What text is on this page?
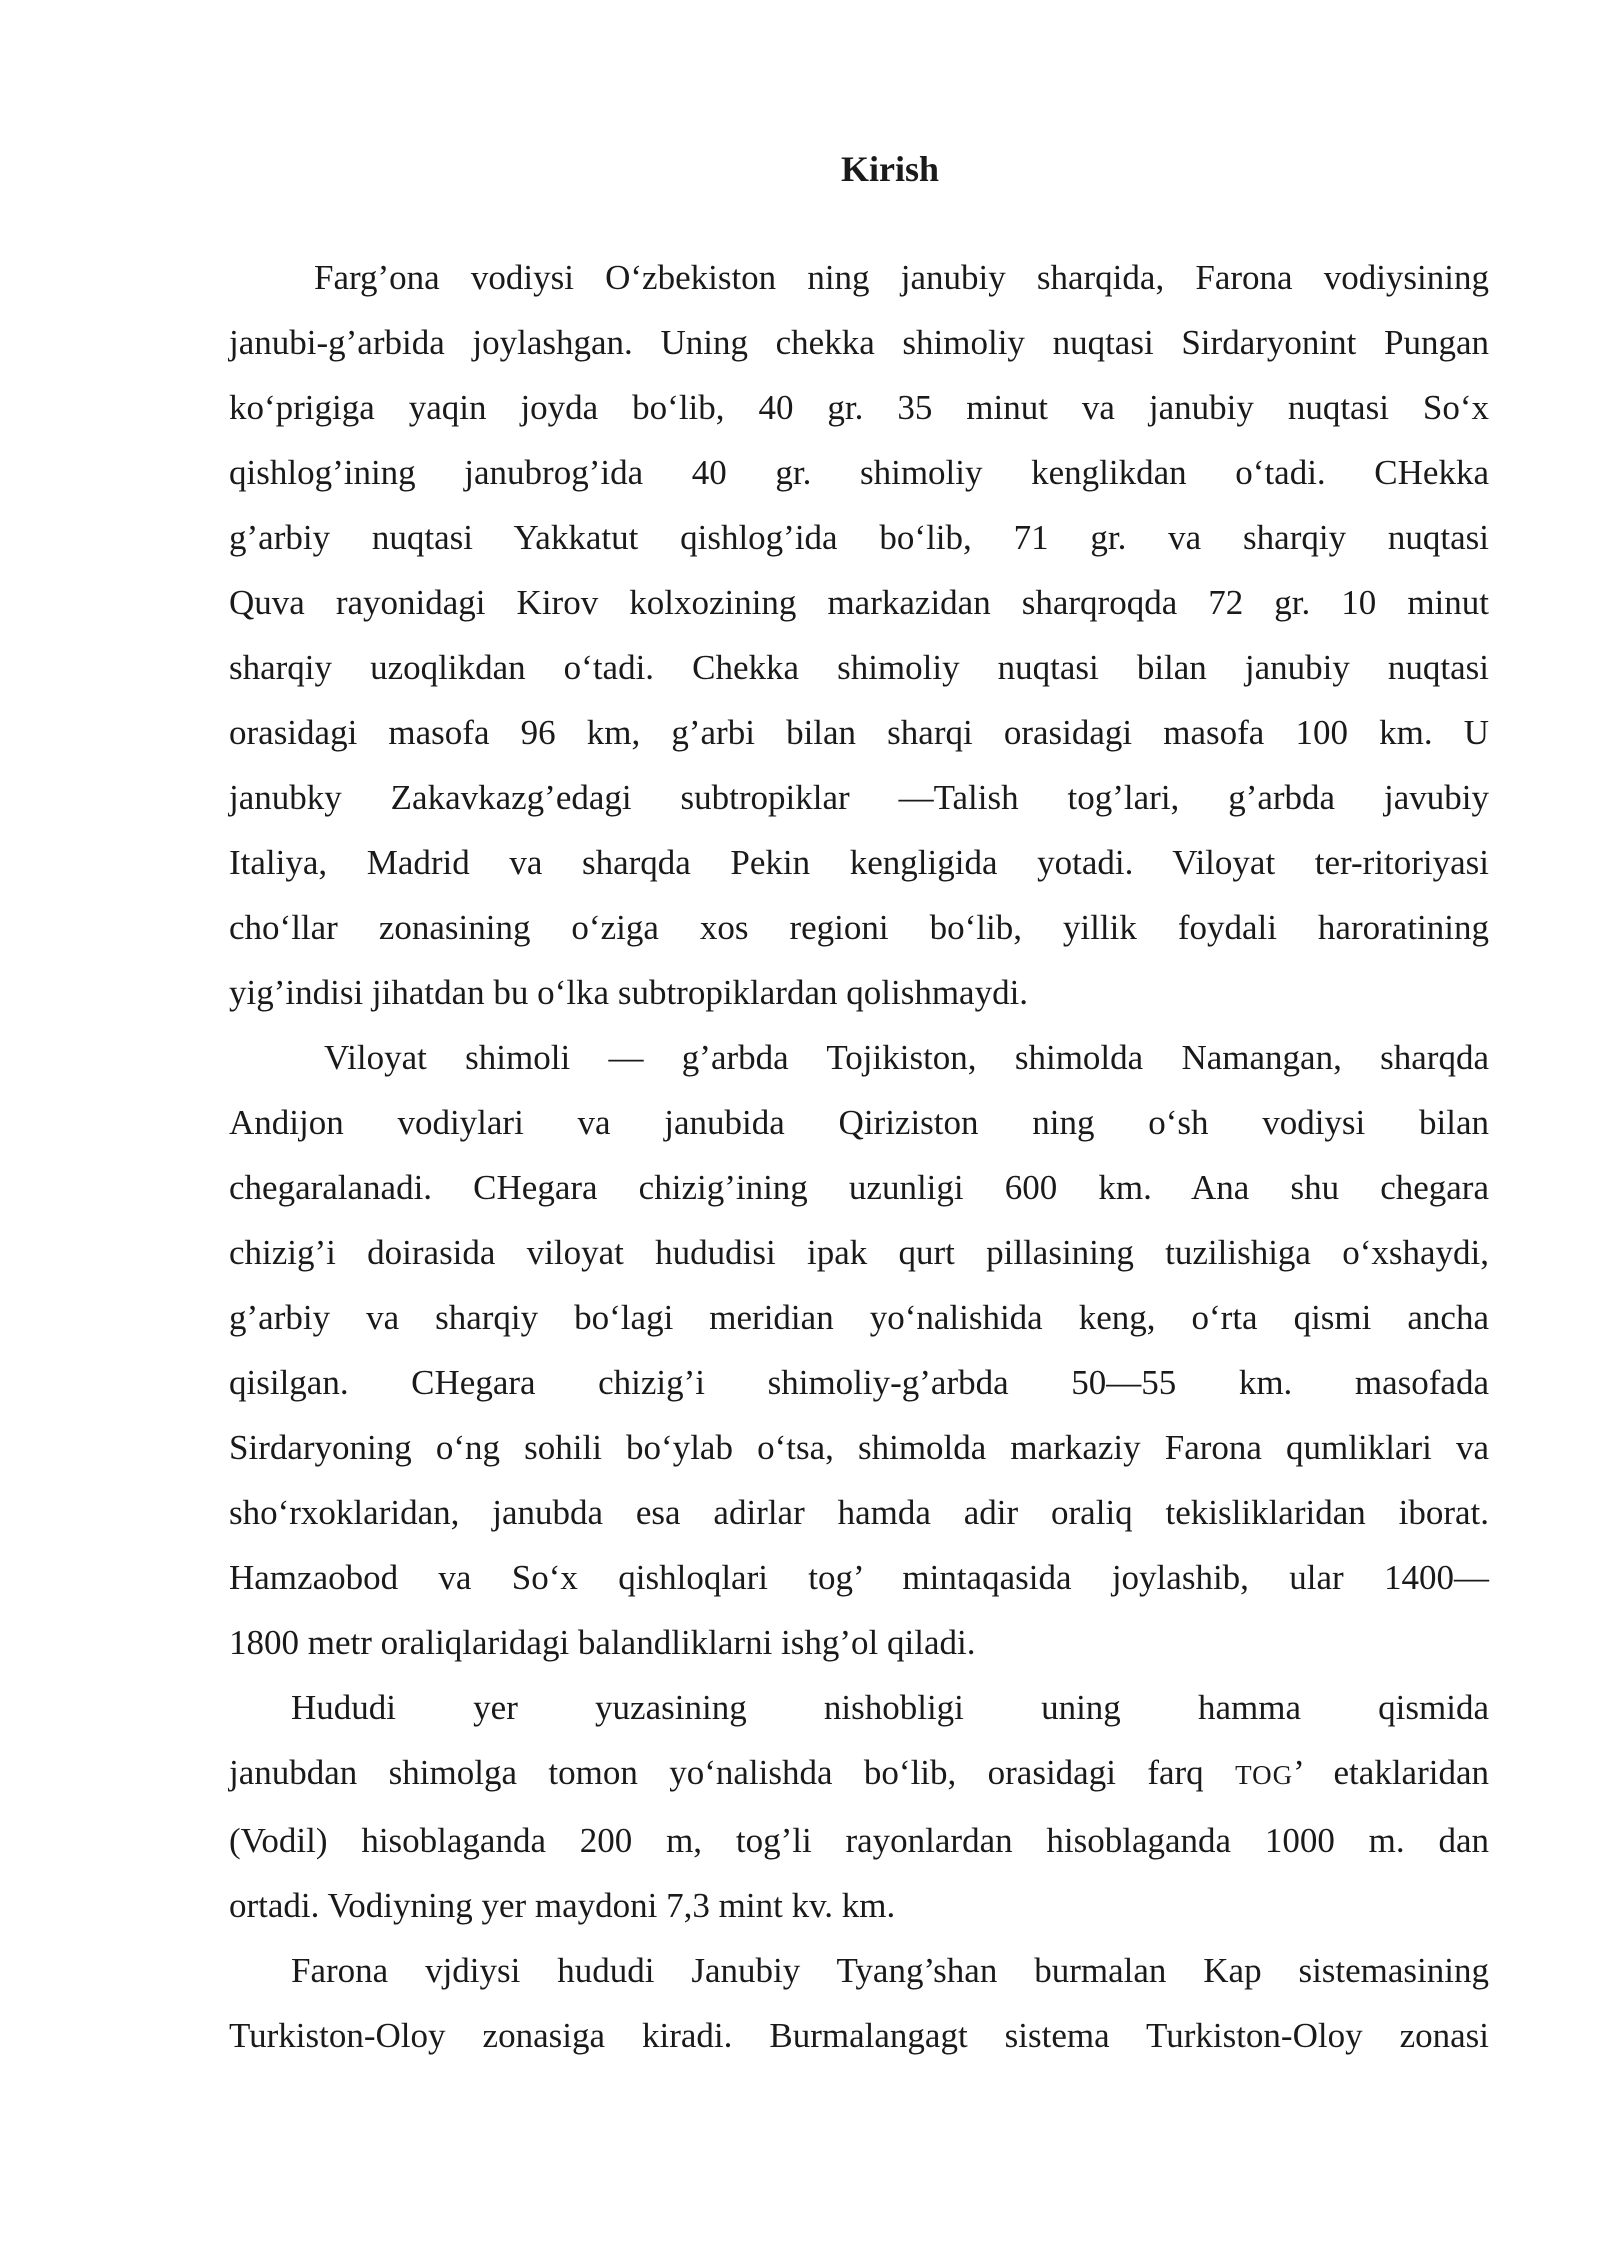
Kirish
Farg’ona vodiysi O‘zbekiston ning janubiy sharqida, Farona vodiysining
janubi-g’arbida joylashgan. Uning chekka shimoliy nuqtasi Sirdaryonint Pungan
ko‘prigiga yaqin joyda bo‘lib, 40 gr. 35 minut va janubiy nuqtasi So‘x
qishlog’ining janubrog’ida 40 gr. shimoliy kenglikdan o‘tadi. CHekka
g’arbiy nuqtasi Yakkatut qishlog’ida bo‘lib, 71 gr. va sharqiy nuqtasi
Quva rayonidagi Kirov kolxozining markazidan sharqroqda 72 gr. 10 minut
sharqiy uzoqlikdan o‘tadi. Chekka shimoliy nuqtasi bilan janubiy nuqtasi
orasidagi masofa 96 km, g’arbi bilan sharqi orasidagi masofa 100 km. U
janubky Zakavkazg’edagi subtropiklar —Talish tog’lari, g’arbda javubiy
Italiya, Madrid va sharqda Pekin kengligida yotadi. Viloyat ter-ritoriyasi
cho‘llar zonasining o‘ziga xos regioni bo‘lib, yillik foydali haroratining
yig’indisi jihatdan bu o‘lka subtropiklardan qolishmaydi.
Viloyat shimoli — g’arbda Tojikiston, shimolda Namangan, sharqda
Andijon vodiylari va janubida Qiriziston ning o‘sh vodiysi bilan
chegaralanadi. CHegara chizig’ining uzunligi 600 km. Ana shu chegara
chizig’i doirasida viloyat hududisi ipak qurt pillasining tuzilishiga o‘xshaydi,
g’arbiy va sharqiy bo‘lagi meridian yo‘nalishida keng, o‘rta qismi ancha
qisilgan. CHegara chizig’i shimoliy-g’arbda 50—55 km. masofada
Sirdaryoning o‘ng sohili bo‘ylab o‘tsa, shimolda markaziy Farona qumliklari va
sho‘rxoklaridan, janubda esa adirlar hamda adir oraliq tekisliklaridan iborat.
Hamzaobod va So‘x qishloqlari tog’ mintaqasida joylashib, ular 1400—
1800 metr oraliqlaridagi balandliklarni ishg’ol qiladi.
Hududi yer yuzasining nishobligi uning hamma qismida
janubdan shimolga tomon yo‘nalishda bo‘lib, orasidagi farq TOG’ etaklaridan
(Vodil) hisoblaganda 200 m, tog’li rayonlardan hisoblaganda 1000 m. dan
ortadi. Vodiyning yer maydoni 7,3 mint kv. km.
Farona vjdiysi hududi Janubiy Tyang’shan burmalan Kap sistemasining
Turkiston-Oloy zonasiga kiradi. Burmalangagt sistema Turkiston-Oloy zonasi
